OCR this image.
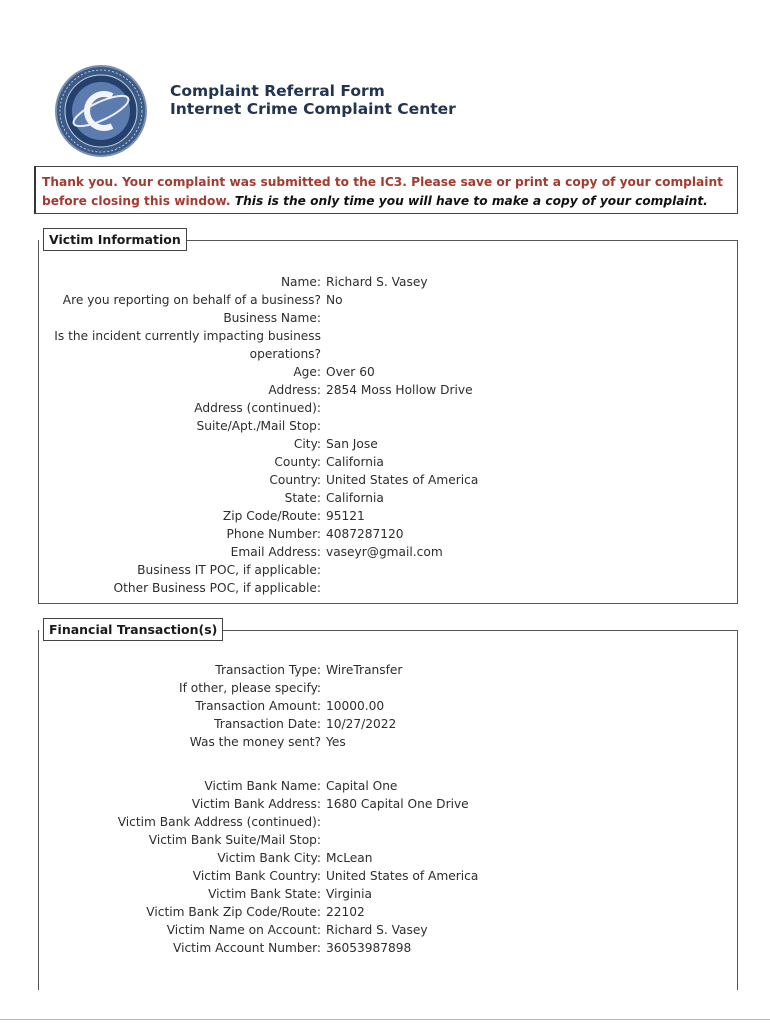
Complaint Referral Form
Internet Crime Complaint Center
Thank you. Your complaint was submitted to the IC3. Please save or print a copy of your complaint before closing this window. This is the only time you will have to make a copy of your complaint.
Victim Information
Name: Richard S. Vasey
Are you reporting on behalf of a business? No
Business Name:
Is the incident currently impacting business operations?
Age: Over 60
Address: 2854 Moss Hollow Drive
Address (continued):
Suite/Apt./Mail Stop:
City: San Jose
County: California
Country: United States of America
State: California
Zip Code/Route: 95121
Phone Number: 4087287120
Email Address: vaseyr@gmail.com
Business IT POC, if applicable:
Other Business POC, if applicable:
Financial Transaction(s)
Transaction Type: WireTransfer
If other, please specify:
Transaction Amount: 10000.00
Transaction Date: 10/27/2022
Was the money sent? Yes
Victim Bank Name: Capital One
Victim Bank Address: 1680 Capital One Drive
Victim Bank Address (continued):
Victim Bank Suite/Mail Stop:
Victim Bank City: McLean
Victim Bank Country: United States of America
Victim Bank State: Virginia
Victim Bank Zip Code/Route: 22102
Victim Name on Account: Richard S. Vasey
Victim Account Number: 36053987898
